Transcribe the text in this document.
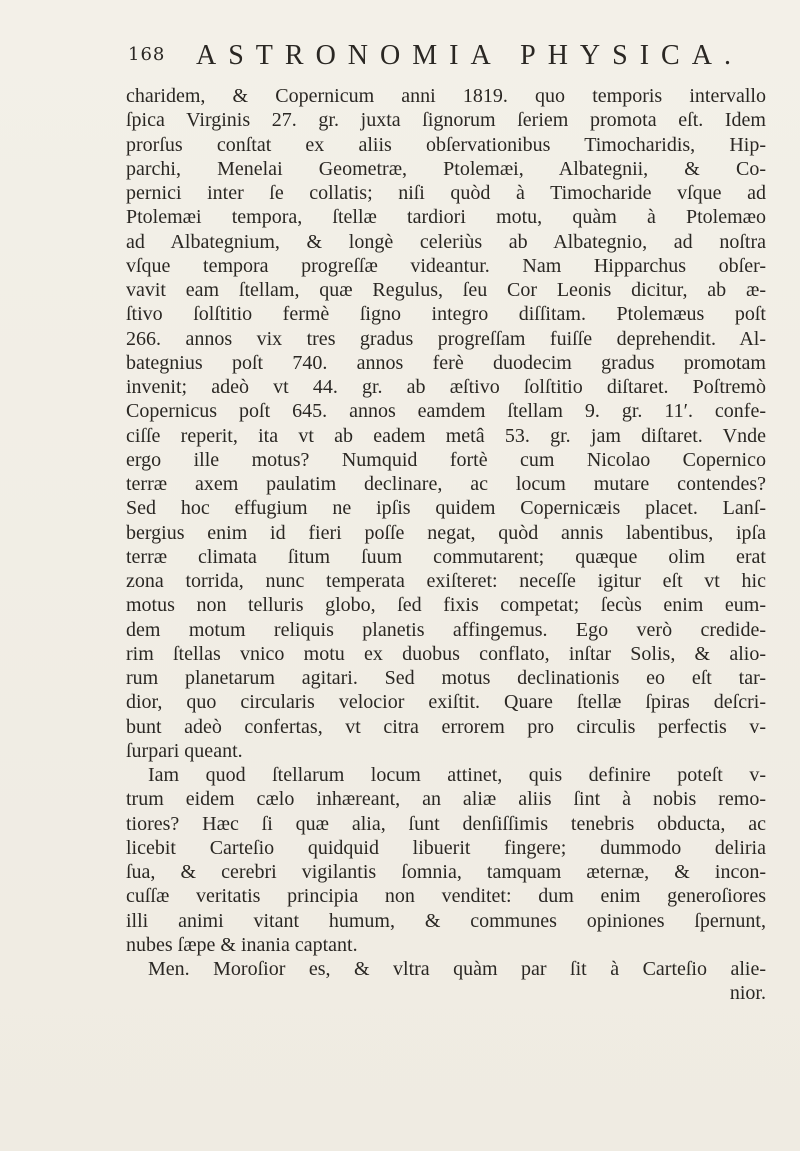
168 ASTRONOMIA PHYSICA.
charidem, & Copernicum anni 1819. quo temporis intervallo
ſpica Virginis 27. gr. juxta ſignorum ſeriem promota eſt. Idem
prorſus conſtat ex aliis obſervationibus Timocharidis, Hip-
parchi, Menelai Geometræ, Ptolemæi, Albategnii, & Co-
pernici inter ſe collatis; niſi quòd à Timocharide vſque ad
Ptolemæi tempora, ſtellæ tardiori motu, quàm à Ptolemæo
ad Albategnium, & longè celeriùs ab Albategnio, ad noſtra
vſque tempora progreſſæ videantur. Nam Hipparchus obſer-
vavit eam ſtellam, quæ Regulus, ſeu Cor Leonis dicitur, ab æ-
ſtivo ſolſtitio fermè ſigno integro diſſitam. Ptolemæus poſt
266. annos vix tres gradus progreſſam fuiſſe deprehendit. Al-
bategnius poſt 740. annos ferè duodecim gradus promotam
invenit; adeò vt 44. gr. ab æſtivo ſolſtitio diſtaret. Poſtremò
Copernicus poſt 645. annos eamdem ſtellam 9. gr. 11′. confe-
ciſſe reperit, ita vt ab eadem metâ 53. gr. jam diſtaret. Vnde
ergo ille motus? Numquid fortè cum Nicolao Copernico
terræ axem paulatim declinare, ac locum mutare contendes?
Sed hoc effugium ne ipſis quidem Copernicæis placet. Lanſ-
bergius enim id fieri poſſe negat, quòd annis labentibus, ipſa
terræ climata ſitum ſuum commutarent; quæque olim erat
zona torrida, nunc temperata exiſteret: neceſſe igitur eſt vt hic
motus non telluris globo, ſed fixis competat; ſecùs enim eum-
dem motum reliquis planetis affingemus. Ego verò credide-
rim ſtellas vnico motu ex duobus conflato, inſtar Solis, & alio-
rum planetarum agitari. Sed motus declinationis eo eſt tar-
dior, quo circularis velocior exiſtit. Quare ſtellæ ſpiras deſcri-
bunt adeò confertas, vt citra errorem pro circulis perfectis v-
ſurpari queant.
Iam quod ſtellarum locum attinet, quis definire poteſt v-
trum eidem cælo inhæreant, an aliæ aliis ſint à nobis remo-
tiores? Hæc ſi quæ alia, ſunt denſiſſimis tenebris obducta, ac
licebit Carteſio quidquid libuerit fingere; dummodo deliria
ſua, & cerebri vigilantis ſomnia, tamquam æternæ, & incon-
cuſſæ veritatis principia non venditet: dum enim generoſiores
illi animi vitant humum, & communes opiniones ſpernunt,
nubes ſæpe & inania captant.
Men. Moroſior es, & vltra quàm par ſit à Carteſio alie-
nior.
